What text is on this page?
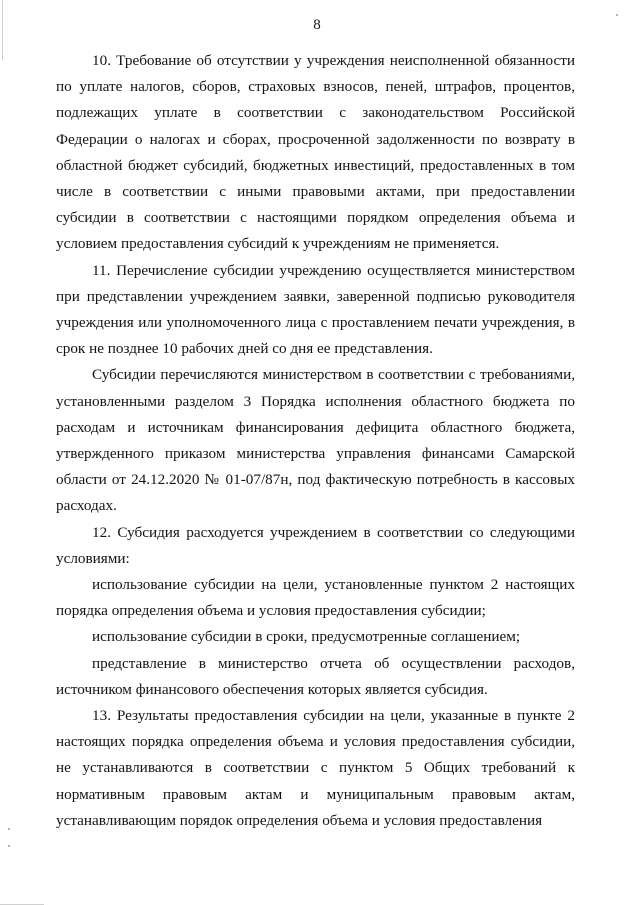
8

10. Требование об отсутствии у учреждения неисполненной обязанности по уплате налогов, сборов, страховых взносов, пеней, штрафов, процентов, подлежащих уплате в соответствии с законодательством Российской Федерации о налогах и сборах, просроченной задолженности по возврату в областной бюджет субсидий, бюджетных инвестиций, предоставленных в том числе в соответствии с иными правовыми актами, при предоставлении субсидии в соответствии с настоящими порядком определения объема и условием предоставления субсидий к учреждениям не применяется.

11. Перечисление субсидии учреждению осуществляется министерством при представлении учреждением заявки, заверенной подписью руководителя учреждения или уполномоченного лица с проставлением печати учреждения, в срок не позднее 10 рабочих дней со дня ее представления.

Субсидии перечисляются министерством в соответствии с требованиями, установленными разделом 3 Порядка исполнения областного бюджета по расходам и источникам финансирования дефицита областного бюджета, утвержденного приказом министерства управления финансами Самарской области от 24.12.2020 № 01-07/87н, под фактическую потребность в кассовых расходах.

12. Субсидия расходуется учреждением в соответствии со следующими условиями:

использование субсидии на цели, установленные пунктом 2 настоящих порядка определения объема и условия предоставления субсидии;

использование субсидии в сроки, предусмотренные соглашением;

представление в министерство отчета об осуществлении расходов, источником финансового обеспечения которых является субсидия.

13. Результаты предоставления субсидии на цели, указанные в пункте 2 настоящих порядка определения объема и условия предоставления субсидии, не устанавливаются в соответствии с пунктом 5 Общих требований к нормативным правовым актам и муниципальным правовым актам, устанавливающим порядок определения объема и условия предоставления
